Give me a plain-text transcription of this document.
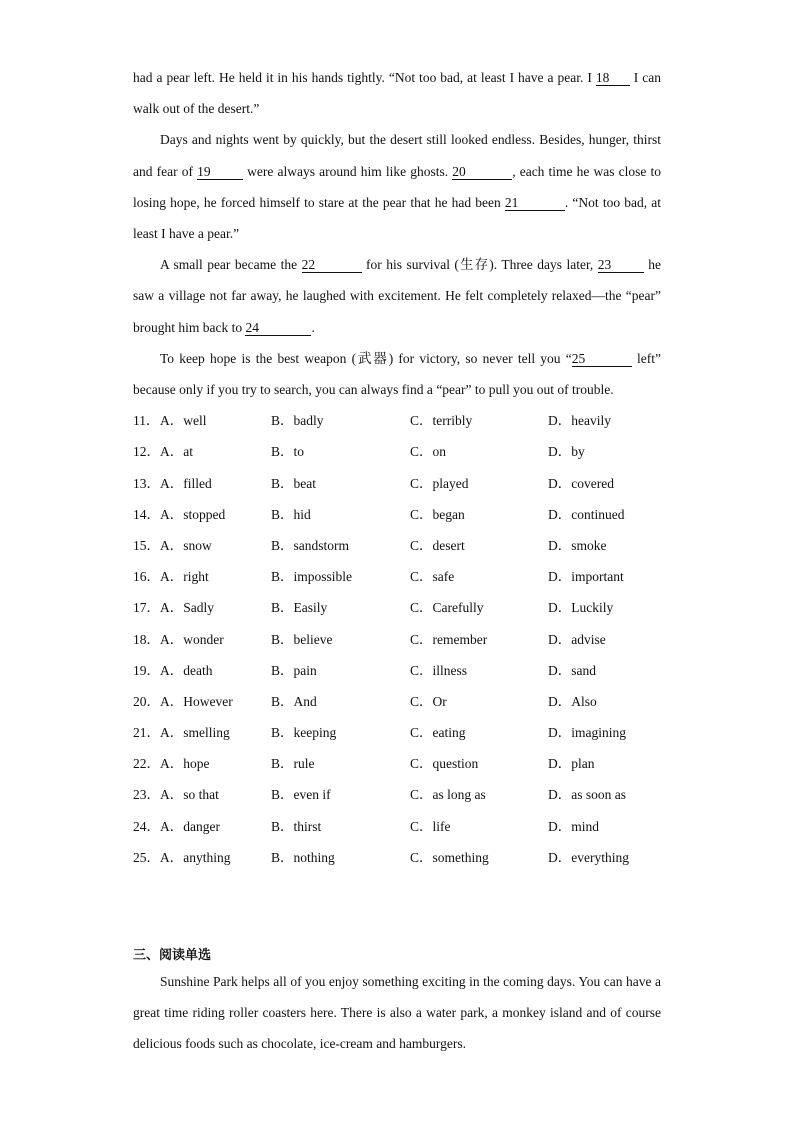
had a pear left. He held it in his hands tightly. “Not too bad, at least I have a pear. I 18 I can walk out of the desert.”

Days and nights went by quickly, but the desert still looked endless. Besides, hunger, thirst and fear of 19 were always around him like ghosts. 20	, each time he was close to losing hope, he forced himself to stare at the pear that he had been 21	. “Not too bad, at least I have a pear.”

A small pear became the 22	for his survival (生存). Three days later, 23 he saw a village not far away, he laughed with excitement. He felt completely relaxed—the “pear” brought him back to 24	.

To keep hope is the best weapon (武器) for victory, so never tell you “25	left” because only if you try to search, you can always find a “pear” to pull you out of trouble.

11． A．well	B．badly	C．terribly	D．heavily
12． A．at	B．to	C．on	D．by
13． A．filled	B．beat	C．played	D．covered
14． A．stopped	B．hid	C．began	D．continued
15． A．snow	B．sandstorm	C．desert	D．smoke
16． A．right	B．impossible	C．safe	D．important
17． A．Sadly	B．Easily	C．Carefully	D．Luckily
18． A．wonder	B．believe	C．remember	D．advise
19． A．death	B．pain	C．illness	D．sand
20． A．However	B．And	C．Or	D．Also
21． A．smelling	B．keeping	C．eating	D．imagining
22． A．hope	B．rule	C．question	D．plan
23． A．so that	B．even if	C．as long as	D．as soon as
24． A．danger	B．thirst	C．life	D．mind
25． A．anything	B．nothing	C．something	D．everything
三、阅读单选

Sunshine Park helps all of you enjoy something exciting in the coming days. You can have a great time riding roller coasters here. There is also a water park, a monkey island and of course delicious foods such as chocolate, ice-cream and hamburgers.
